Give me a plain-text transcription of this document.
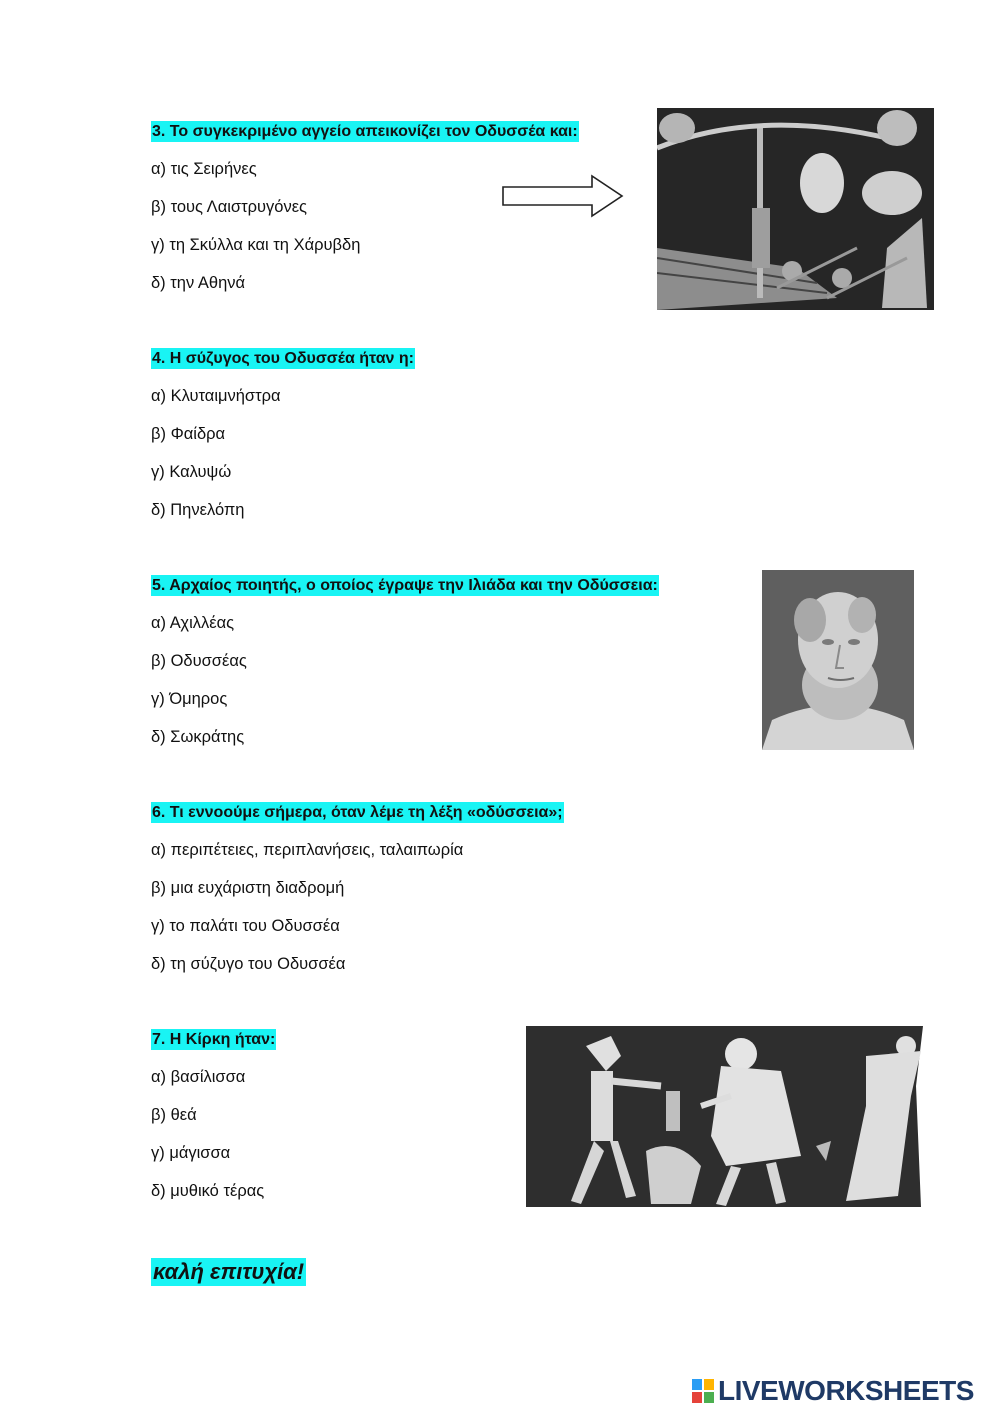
3. Το συγκεκριμένο αγγείο απεικονίζει τον Οδυσσέα και:
α) τις Σειρήνες
β) τους Λαιστρυγόνες
γ) τη Σκύλλα και τη Χάρυβδη
δ) την Αθηνά
4. Η σύζυγος του Οδυσσέα ήταν η:
α) Κλυταιμνήστρα
β) Φαίδρα
γ) Καλυψώ
δ) Πηνελόπη
5. Αρχαίος ποιητής, ο οποίος έγραψε την Ιλιάδα και την Οδύσσεια:
α) Αχιλλέας
β) Οδυσσέας
γ) Όμηρος
δ) Σωκράτης
6. Τι εννοούμε σήμερα, όταν λέμε τη λέξη «οδύσσεια»;
α) περιπέτειες, περιπλανήσεις, ταλαιπωρία
β) μια ευχάριστη διαδρομή
γ) το παλάτι του Οδυσσέα
δ) τη σύζυγο του Οδυσσέα
7. Η Κίρκη ήταν:
α) βασίλισσα
β) θεά
γ) μάγισσα
δ) μυθικό τέρας
καλή επιτυχία!
LIVEWORKSHEETS
